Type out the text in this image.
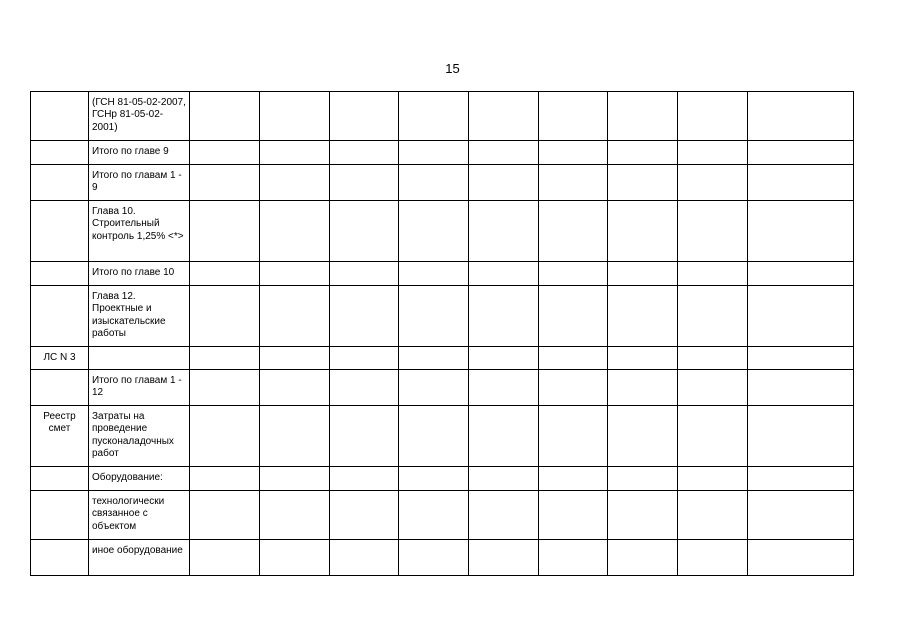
15
	(ГСН 81-05-02-2007, ГСНр 81-05-02-2001)									
	Итого по главе 9									
	Итого по главам 1 - 9									
	Глава 10. Строительный контроль 1,25% <*>									
	Итого по главе 10									
	Глава 12. Проектные и изыскательские работы									
ЛС N 3										
	Итого по главам 1 - 12									
Реестр смет	Затраты на проведение пусконаладочных работ									
	Оборудование:									
	технологически связанное с объектом									
	иное оборудование									
